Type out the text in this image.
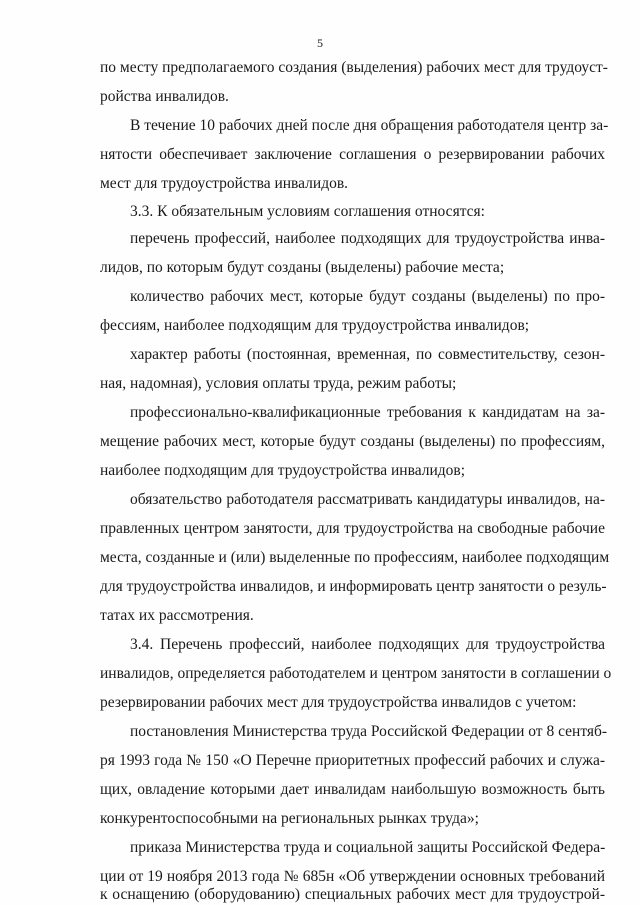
5
по месту предполагаемого создания (выделения) рабочих мест для трудоуст-
ройства инвалидов.
В течение 10 рабочих дней после дня обращения работодателя центр за-
нятости обеспечивает заключение соглашения о резервировании рабочих
мест для трудоустройства инвалидов.
3.3. К обязательным условиям соглашения относятся:
перечень профессий, наиболее подходящих для трудоустройства инва-
лидов, по которым будут созданы (выделены) рабочие места;
количество рабочих мест, которые будут созданы (выделены) по про-
фессиям, наиболее подходящим для трудоустройства инвалидов;
характер работы (постоянная, временная, по совместительству, сезон-
ная, надомная), условия оплаты труда, режим работы;
профессионально-квалификационные требования к кандидатам на за-
мещение рабочих мест, которые будут созданы (выделены) по профессиям,
наиболее подходящим для трудоустройства инвалидов;
обязательство работодателя рассматривать кандидатуры инвалидов, на-
правленных центром занятости, для трудоустройства на свободные рабочие
места, созданные и (или) выделенные по профессиям, наиболее подходящим
для трудоустройства инвалидов, и информировать центр занятости о резуль-
татах их рассмотрения.
3.4. Перечень профессий, наиболее подходящих для трудоустройства
инвалидов, определяется работодателем и центром занятости в соглашении о
резервировании рабочих мест для трудоустройства инвалидов с учетом:
постановления Министерства труда Российской Федерации от 8 сентяб-
ря 1993 года № 150 «О Перечне приоритетных профессий рабочих и служа-
щих, овладение которыми дает инвалидам наибольшую возможность быть
конкурентоспособными на региональных рынках труда»;
приказа Министерства труда и социальной защиты Российской Федера-
ции от 19 ноября 2013 года № 685н «Об утверждении основных требований
к оснащению (оборудованию) специальных рабочих мест для трудоустрой-
